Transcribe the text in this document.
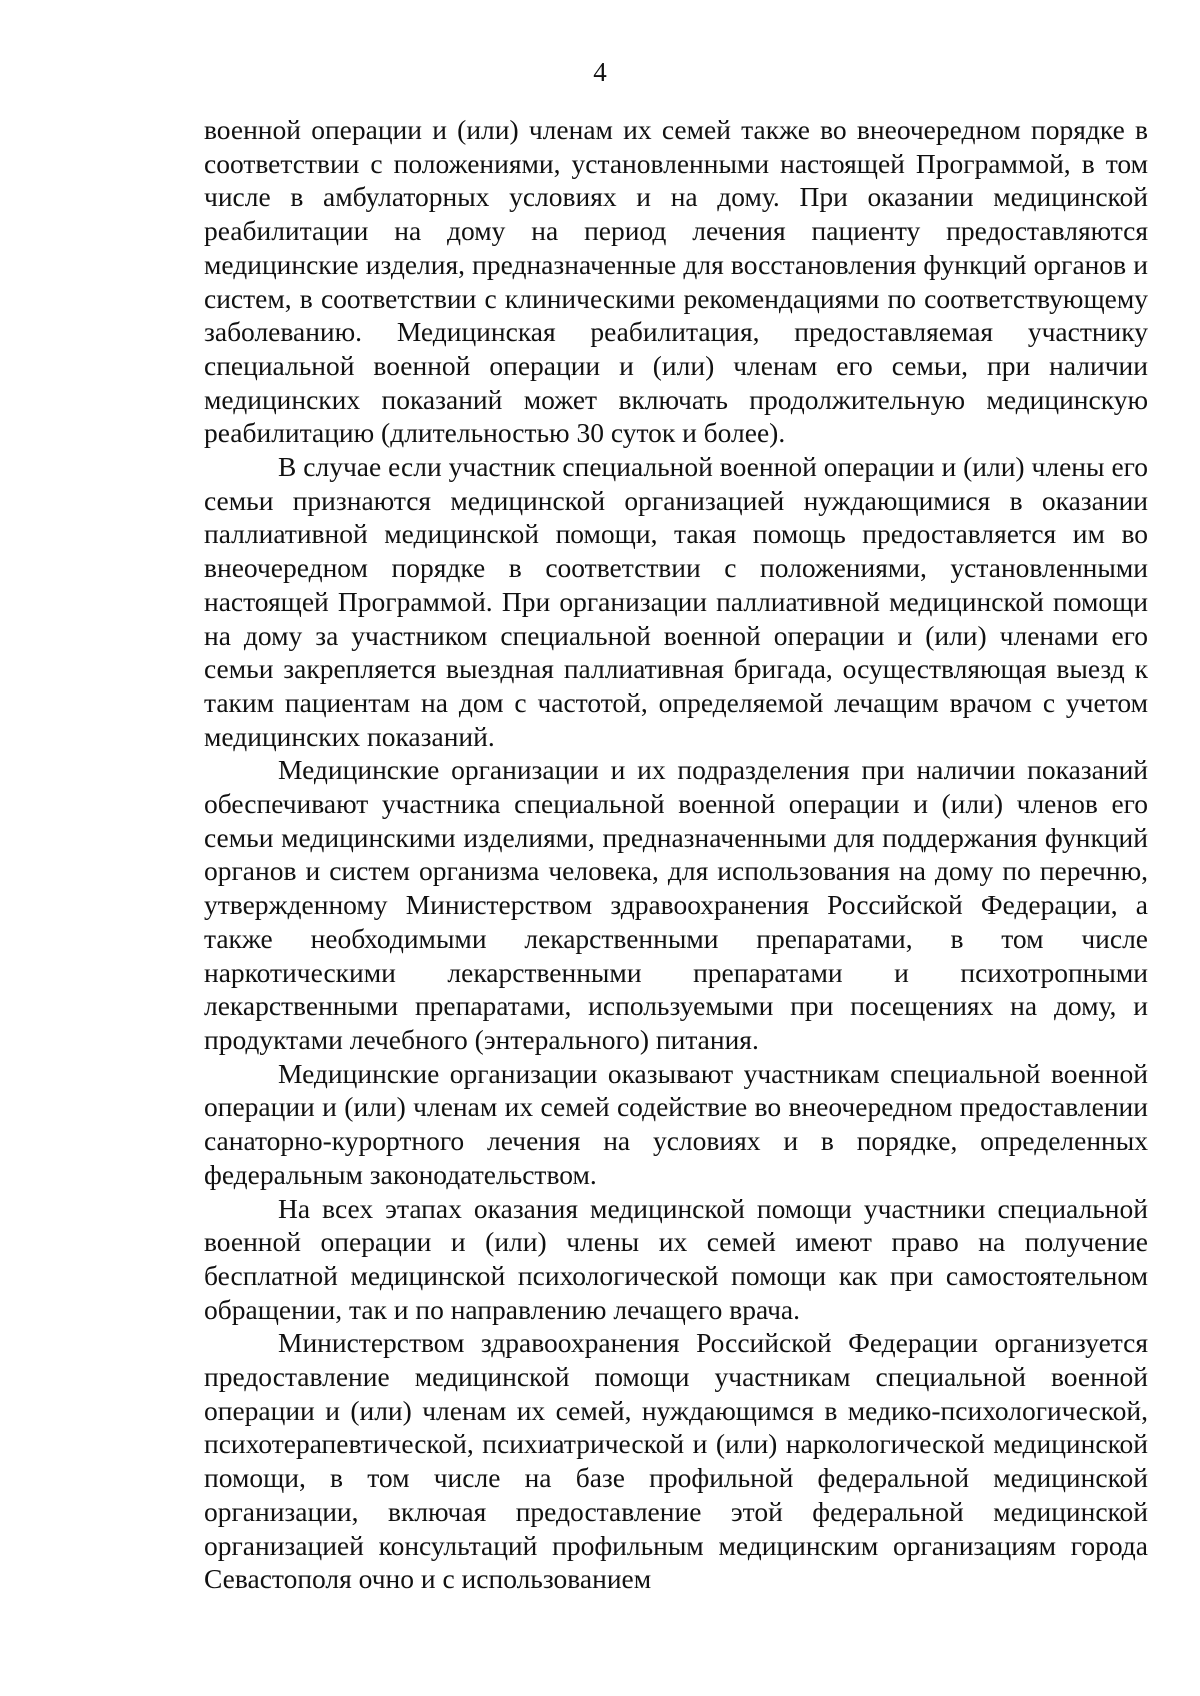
4

военной операции и (или) членам их семей также во внеочередном порядке в соответствии с положениями, установленными настоящей Программой, в том числе в амбулаторных условиях и на дому. При оказании медицинской реабилитации на дому на период лечения пациенту предоставляются медицинские изделия, предназначенные для восстановления функций органов и систем, в соответствии с клиническими рекомендациями по соответствующему заболеванию. Медицинская реабилитация, предоставляемая участнику специальной военной операции и (или) членам его семьи, при наличии медицинских показаний может включать продолжительную медицинскую реабилитацию (длительностью 30 суток и более).

В случае если участник специальной военной операции и (или) члены его семьи признаются медицинской организацией нуждающимися в оказании паллиативной медицинской помощи, такая помощь предоставляется им во внеочередном порядке в соответствии с положениями, установленными настоящей Программой. При организации паллиативной медицинской помощи на дому за участником специальной военной операции и (или) членами его семьи закрепляется выездная паллиативная бригада, осуществляющая выезд к таким пациентам на дом с частотой, определяемой лечащим врачом с учетом медицинских показаний.

Медицинские организации и их подразделения при наличии показаний обеспечивают участника специальной военной операции и (или) членов его семьи медицинскими изделиями, предназначенными для поддержания функций органов и систем организма человека, для использования на дому по перечню, утвержденному Министерством здравоохранения Российской Федерации, а также необходимыми лекарственными препаратами, в том числе наркотическими лекарственными препаратами и психотропными лекарственными препаратами, используемыми при посещениях на дому, и продуктами лечебного (энтерального) питания.

Медицинские организации оказывают участникам специальной военной операции и (или) членам их семей содействие во внеочередном предоставлении санаторно-курортного лечения на условиях и в порядке, определенных федеральным законодательством.

На всех этапах оказания медицинской помощи участники специальной военной операции и (или) члены их семей имеют право на получение бесплатной медицинской психологической помощи как при самостоятельном обращении, так и по направлению лечащего врача.

Министерством здравоохранения Российской Федерации организуется предоставление медицинской помощи участникам специальной военной операции и (или) членам их семей, нуждающимся в медико-психологической, психотерапевтической, психиатрической и (или) наркологической медицинской помощи, в том числе на базе профильной федеральной медицинской организации, включая предоставление этой федеральной медицинской организацией консультаций профильным медицинским организациям города Севастополя очно и с использованием
